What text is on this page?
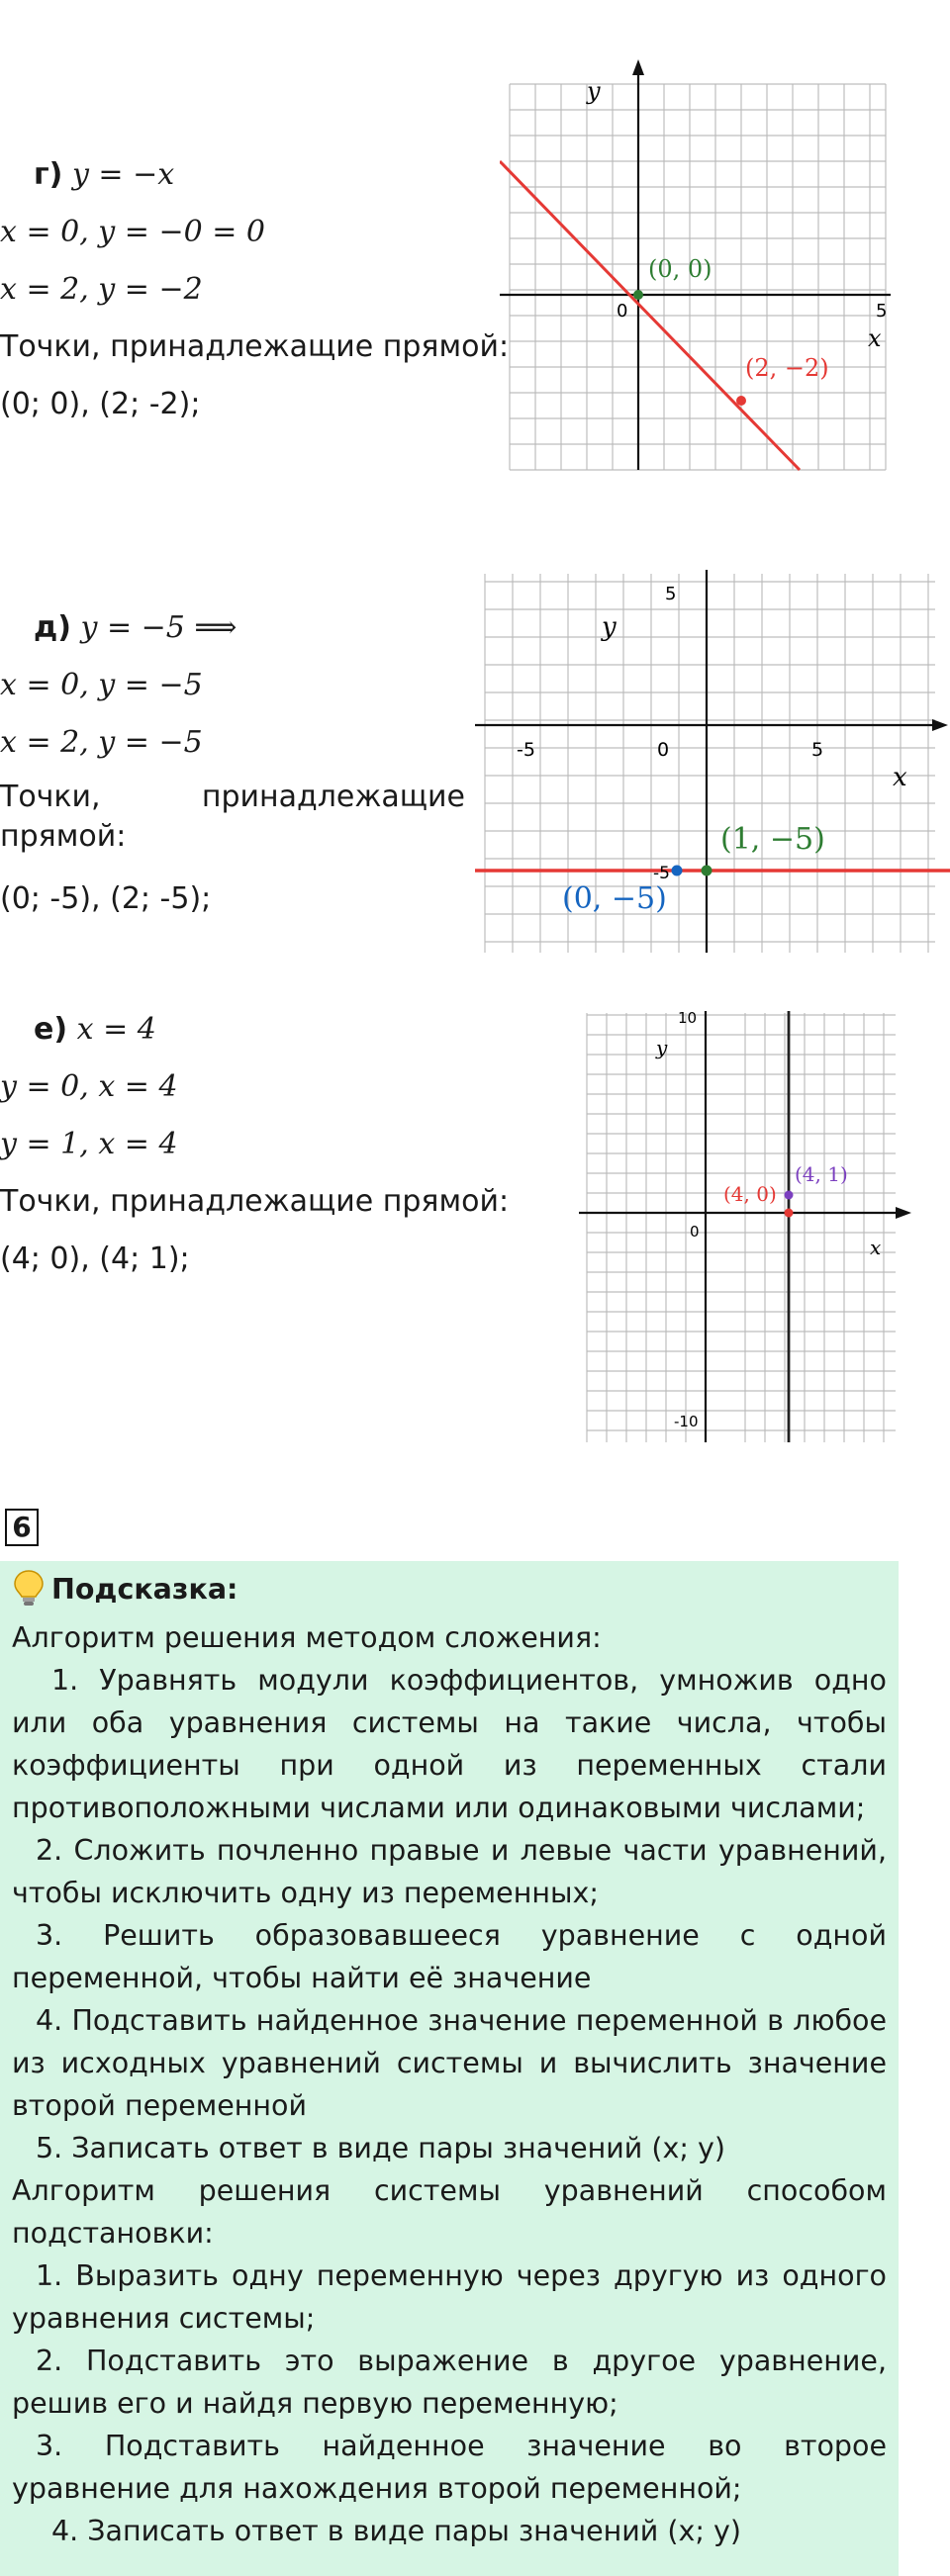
г) y = −x
x = 0, y = −0 = 0
x = 2, y = −2
Точки, принадлежащие прямой:
(0; 0), (2; -2);
y
x
0	5
(0, 0)
(2, −2)
д) y = −5 ⟹
x = 0, y = −5
x = 2, y = −5
Точки,	принадлежащие
прямой:
(0; -5), (2; -5);
5
y
-5	0	5
x
-5
(1, −5)
(0, −5)
е) x = 4
y = 0, x = 4
y = 1, x = 4
Точки, принадлежащие прямой:
(4; 0), (4; 1);
10
y
0
x
-10
(4, 0)
(4, 1)
6
Подсказка:

Алгоритм решения методом сложения:

1. Уравнять модули коэффициентов, умножив одно или оба уравнения системы на такие числа, чтобы коэффициенты при одной из переменных стали противоположными числами или одинаковыми числами;

2. Сложить почленно правые и левые части уравнений, чтобы исключить одну из переменных;

3. Решить образовавшееся уравнение с одной переменной, чтобы найти её значение

4. Подставить найденное значение переменной в любое из исходных уравнений системы и вычислить значение второй переменной

5. Записать ответ в виде пары значений (x; y)

Алгоритм решения системы уравнений способом подстановки:

1. Выразить одну переменную через другую из одного уравнения системы;

2. Подставить это выражение в другое уравнение, решив его и найдя первую переменную;

3. Подставить найденное значение во второе уравнение для нахождения второй переменной;

4. Записать ответ в виде пары значений (x; y)
